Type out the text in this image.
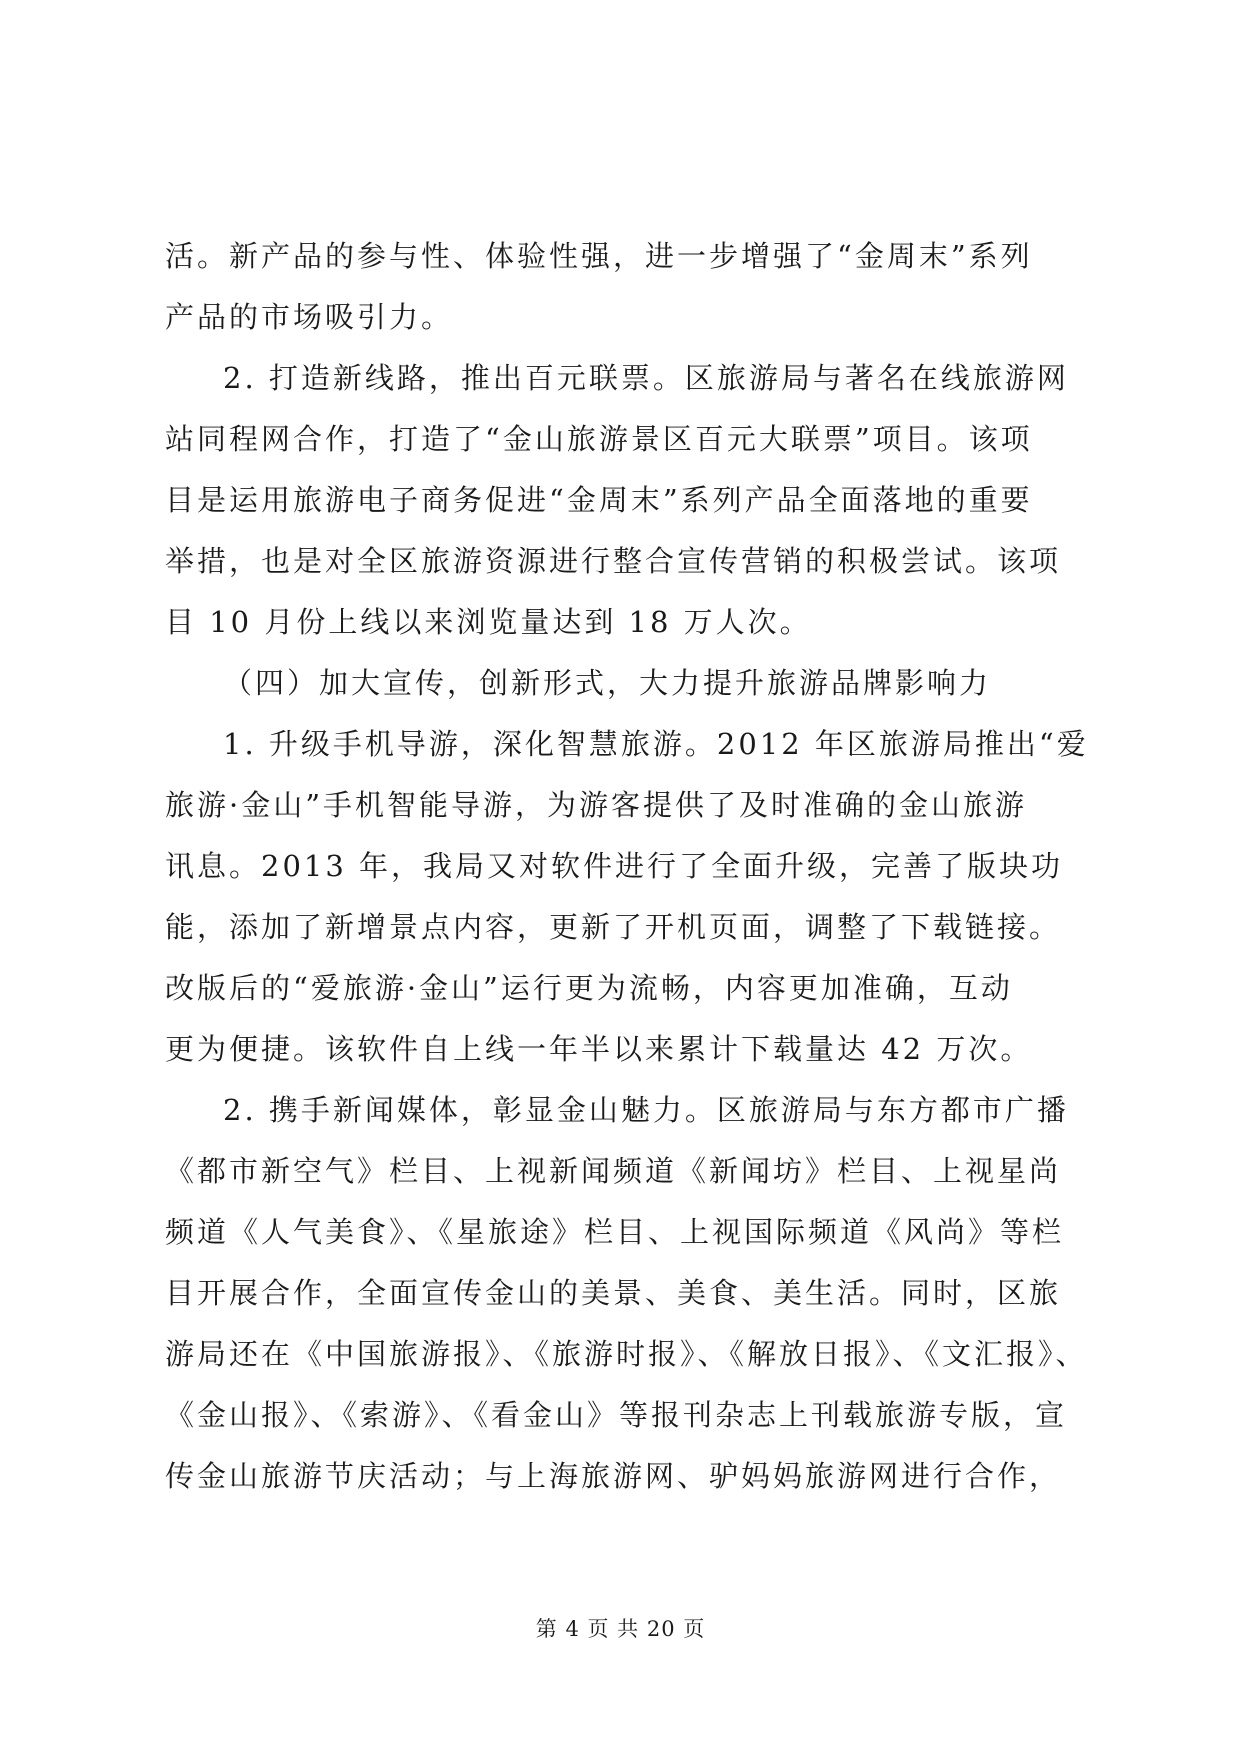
活。新产品的参与性、体验性强，进一步增强了“金周末”系列
产品的市场吸引力。
2. 打造新线路，推出百元联票。区旅游局与著名在线旅游网
站同程网合作，打造了“金山旅游景区百元大联票”项目。该项
目是运用旅游电子商务促进“金周末”系列产品全面落地的重要
举措，也是对全区旅游资源进行整合宣传营销的积极尝试。该项
目 10 月份上线以来浏览量达到 18 万人次。
（四）加大宣传，创新形式，大力提升旅游品牌影响力
1. 升级手机导游，深化智慧旅游。2012 年区旅游局推出“爱
旅游·金山”手机智能导游，为游客提供了及时准确的金山旅游
讯息。2013 年，我局又对软件进行了全面升级，完善了版块功
能，添加了新增景点内容，更新了开机页面，调整了下载链接。
改版后的“爱旅游·金山”运行更为流畅，内容更加准确，互动
更为便捷。该软件自上线一年半以来累计下载量达 42 万次。
2. 携手新闻媒体，彰显金山魅力。区旅游局与东方都市广播
《都市新空气》栏目、上视新闻频道《新闻坊》栏目、上视星尚
频道《人气美食》、《星旅途》栏目、上视国际频道《风尚》等栏
目开展合作，全面宣传金山的美景、美食、美生活。同时，区旅
游局还在《中国旅游报》、《旅游时报》、《解放日报》、《文汇报》、
《金山报》、《索游》、《看金山》等报刊杂志上刊载旅游专版，宣
传金山旅游节庆活动；与上海旅游网、驴妈妈旅游网进行合作，
第 4 页 共 20 页
